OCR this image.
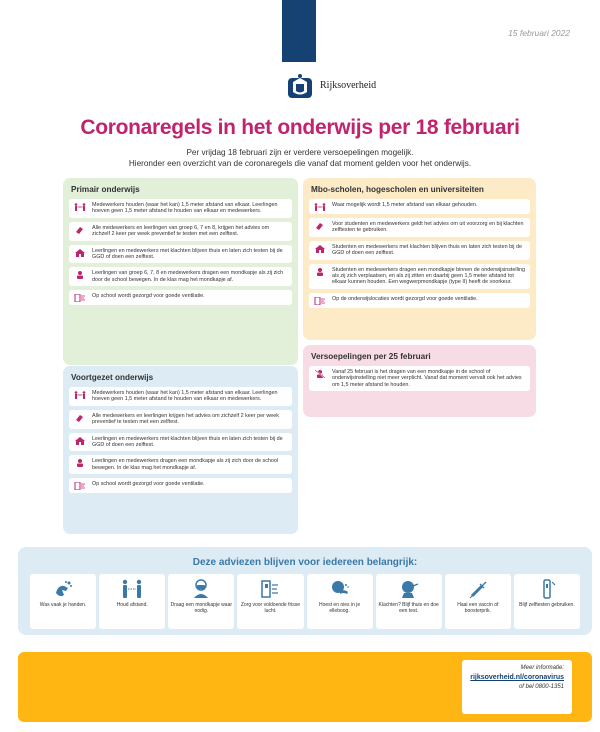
15 februari 2022
Rijksoverheid
Coronaregels in het onderwijs per 18 februari
Per vrijdag 18 februari zijn er verdere versoepelingen mogelijk.
Hieronder een overzicht van de coronaregels die vanaf dat moment gelden voor het onderwijs.
Primair onderwijs
Medewerkers houden (waar het kan) 1,5 meter afstand van elkaar. Leerlingen hoeven geen 1,5 meter afstand te houden van elkaar en medewerkers.
Alle medewerkers en leerlingen van groep 6, 7 en 8, krijgen het advies om zichzelf 2 keer per week preventief te testen met een zelftest.
Leerlingen en medewerkers met klachten blijven thuis en laten zich testen bij de GGD of doen een zelftest.
Leerlingen van groep 6, 7, 8 en medewerkers dragen een mondkapje als zij zich door de school bewegen. In de klas mag het mondkapje af.
Op school wordt gezorgd voor goede ventilatie.
Voortgezet onderwijs
Medewerkers houden (waar het kan) 1,5 meter afstand van elkaar. Leerlingen hoeven geen 1,5 meter afstand te houden van elkaar en medewerkers.
Alle medewerkers en leerlingen krijgen het advies om zichzelf 2 keer per week preventief te testen met een zelftest.
Leerlingen en medewerkers met klachten blijven thuis en laten zich testen bij de GGD of doen een zelftest.
Leerlingen en medewerkers dragen een mondkapje als zij zich door de school bewegen. In de klas mag het mondkapje af.
Op school wordt gezorgd voor goede ventilatie.
Mbo-scholen, hogescholen en universiteiten
Waar mogelijk wordt 1,5 meter afstand van elkaar gehouden.
Voor studenten en medewerkers geldt het advies om uit voorzorg en bij klachten zelftesten te gebruiken.
Studenten en medewerkers met klachten blijven thuis en laten zich testen bij de GGD of doen een zelftest.
Studenten en medewerkers dragen een mondkapje binnen de onderwijsinstelling als zij zich verplaatsen, en als zij zitten en daarbij geen 1,5 meter afstand tot elkaar kunnen houden. Een wegwerpmondkapje (type II) heeft de voorkeur.
Op de onderwijslocaties wordt gezorgd voor goede ventilatie.
Versoepelingen per 25 februari
Vanaf 25 februari is het dragen van een mondkapje in de school of onderwijsinstelling niet meer verplicht. Vanaf dat moment vervalt ook het advies om 1,5 meter afstand te houden.
Deze adviezen blijven voor iedereen belangrijk:
Was vaak je handen.	Houd afstand.	Draag een mondkapje waar nodig.
Zorg voor voldoende frisse lucht.
Hoest en nies in je elleboog.
Klachten? Blijf thuis en doe een test.
Haal een vaccin of boosterprik.
Blijf zelftesten gebruiken.
Meer informatie:
rijksoverheid.nl/coronavirus
of bel 0800-1351
